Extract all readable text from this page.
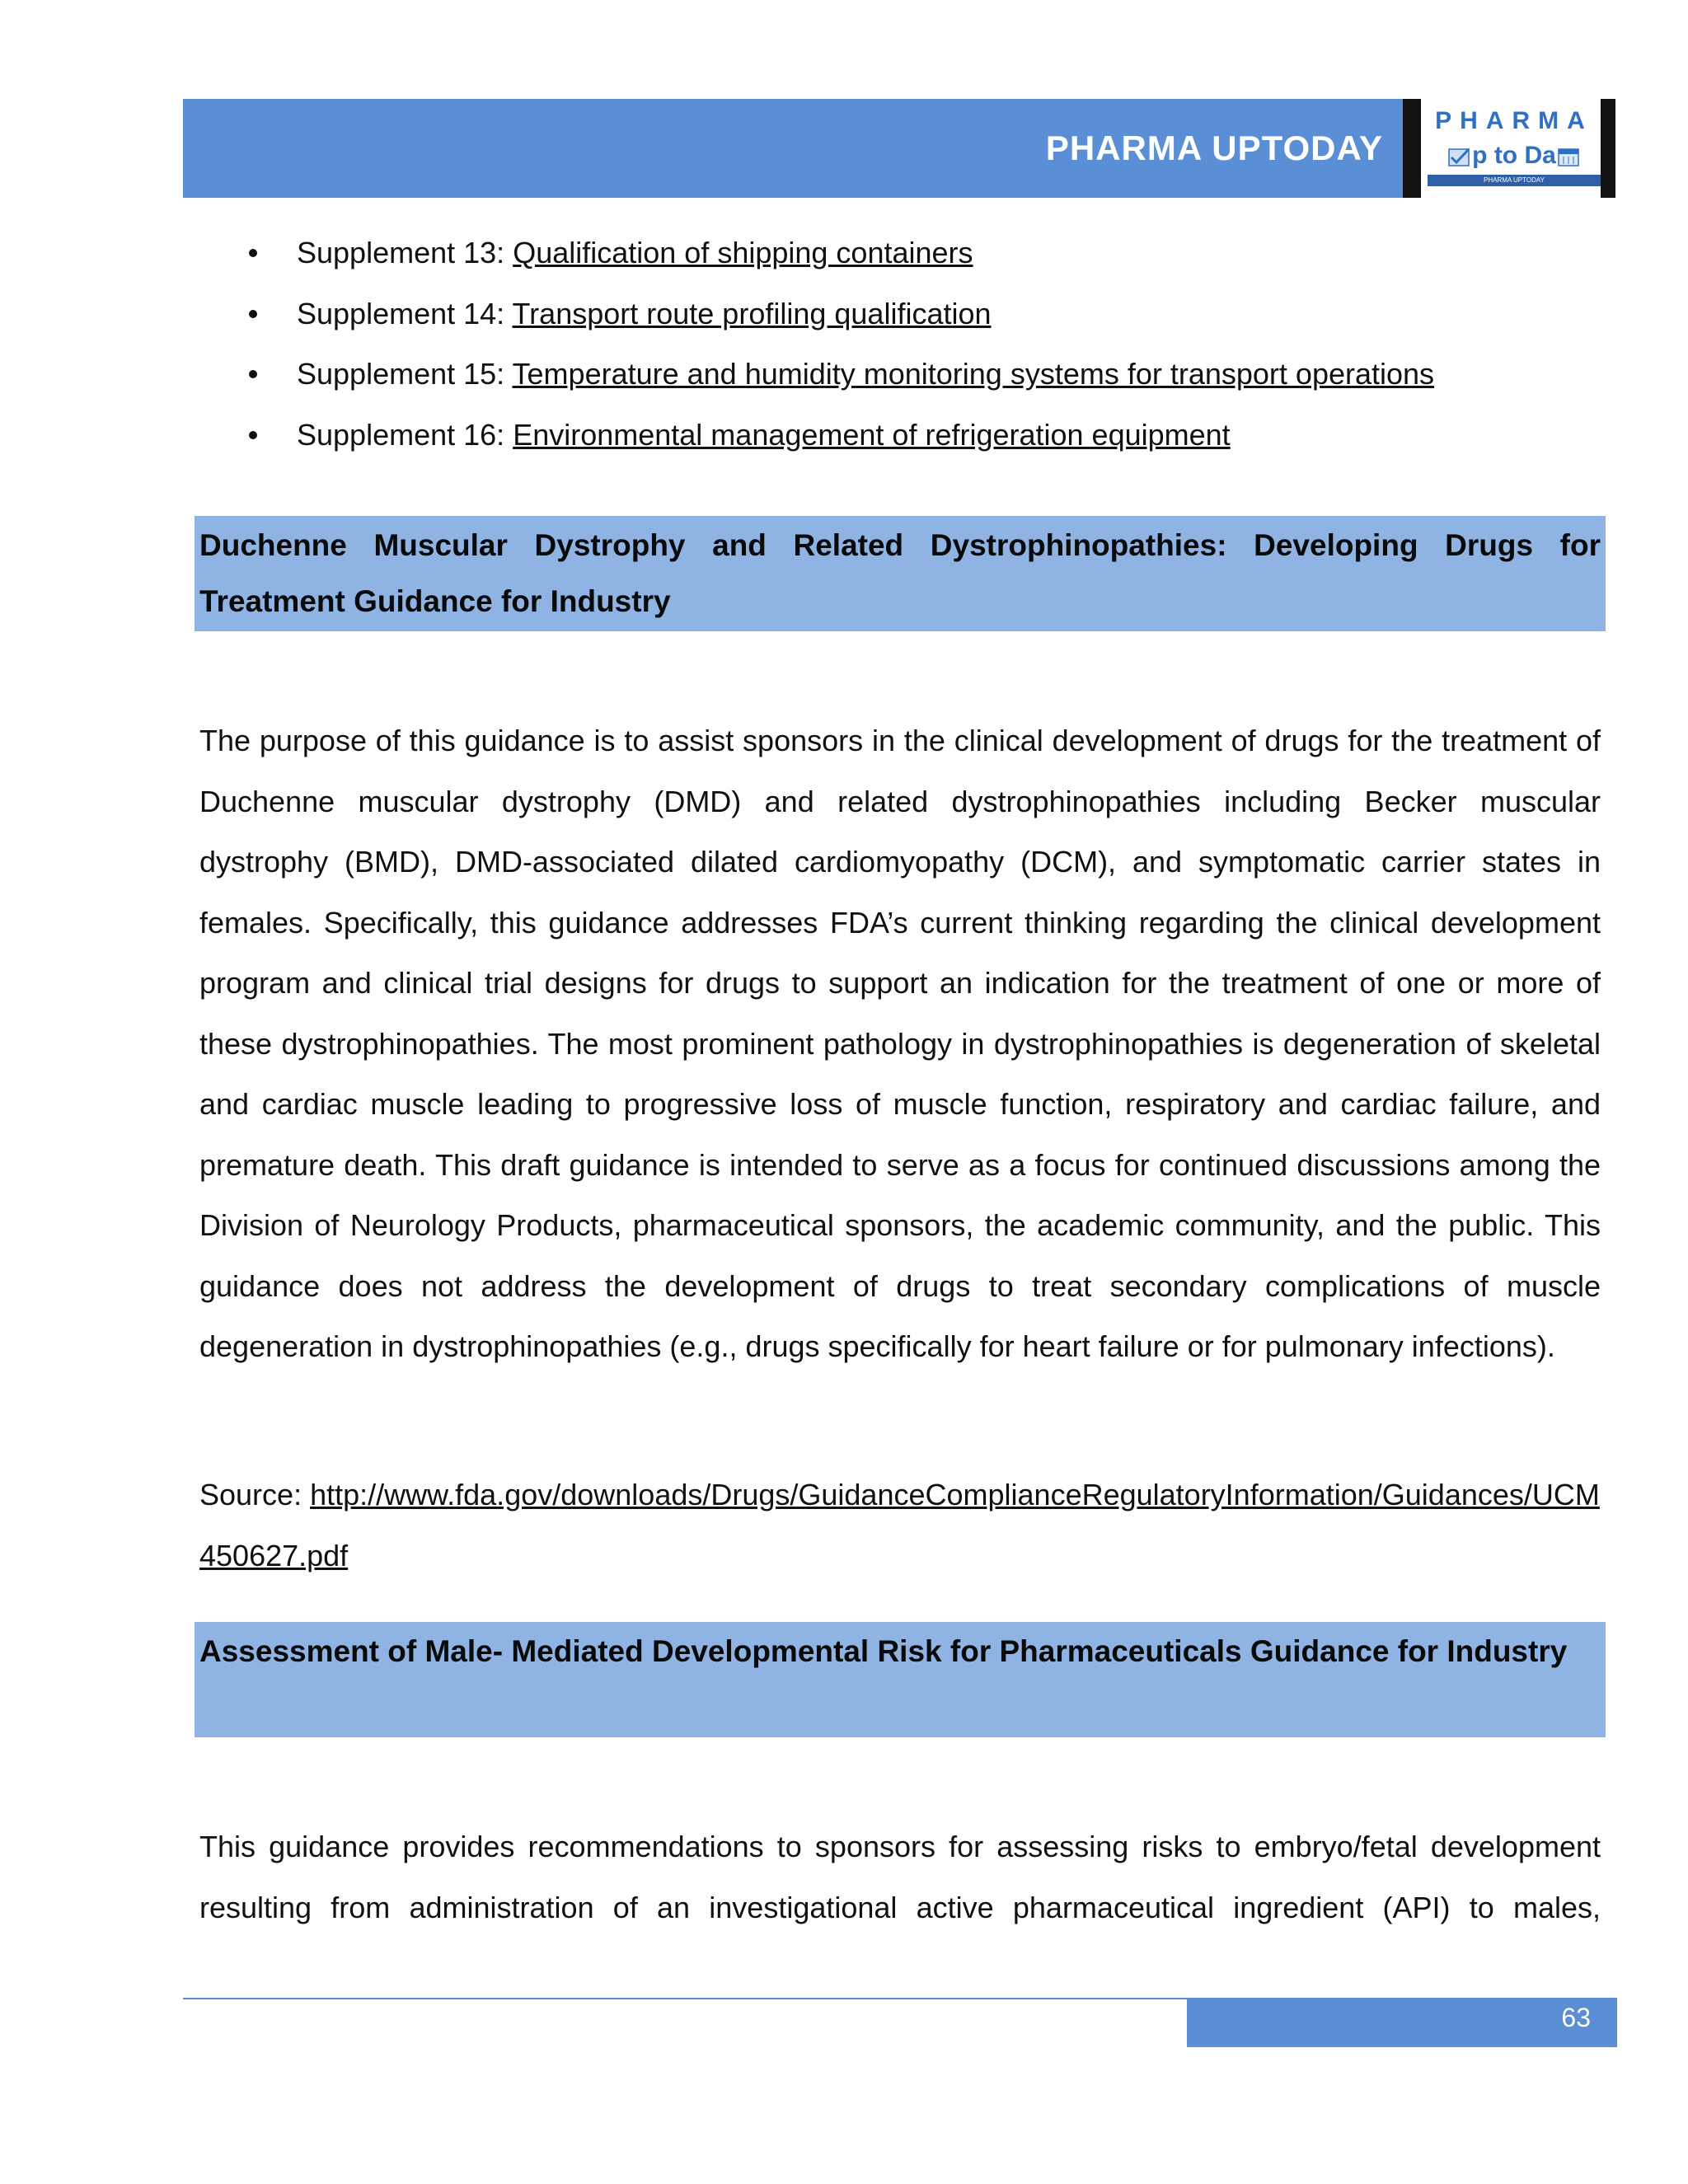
PHARMA UPTODAY
PHARMA
p to Da
PHARMA UPTODAY
Supplement 13: Qualification of shipping containers
Supplement 14: Transport route profiling qualification
Supplement 15: Temperature and humidity monitoring systems for transport operations
Supplement 16: Environmental management of refrigeration equipment
Duchenne Muscular Dystrophy and Related Dystrophinopathies: Developing Drugs for Treatment Guidance for Industry
The purpose of this guidance is to assist sponsors in the clinical development of drugs for the treatment of Duchenne muscular dystrophy (DMD) and related dystrophinopathies including Becker muscular dystrophy (BMD), DMD-associated dilated cardiomyopathy (DCM), and symptomatic carrier states in females. Specifically, this guidance addresses FDA’s current thinking regarding the clinical development program and clinical trial designs for drugs to support an indication for the treatment of one or more of these dystrophinopathies. The most prominent pathology in dystrophinopathies is degeneration of skeletal and cardiac muscle leading to progressive loss of muscle function, respiratory and cardiac failure, and premature death. This draft guidance is intended to serve as a focus for continued discussions among the Division of Neurology Products, pharmaceutical sponsors, the academic community, and the public. This guidance does not address the development of drugs to treat secondary complications of muscle degeneration in dystrophinopathies (e.g., drugs specifically for heart failure or for pulmonary infections).
Source: http://www.fda.gov/downloads/Drugs/GuidanceComplianceRegulatoryInformation/Guidances/UCM450627.pdf
Assessment of Male- Mediated Developmental Risk for Pharmaceuticals Guidance for Industry
This guidance provides recommendations to sponsors for assessing risks to embryo/fetal development resulting from administration of an investigational active pharmaceutical ingredient (API) to males,
63
